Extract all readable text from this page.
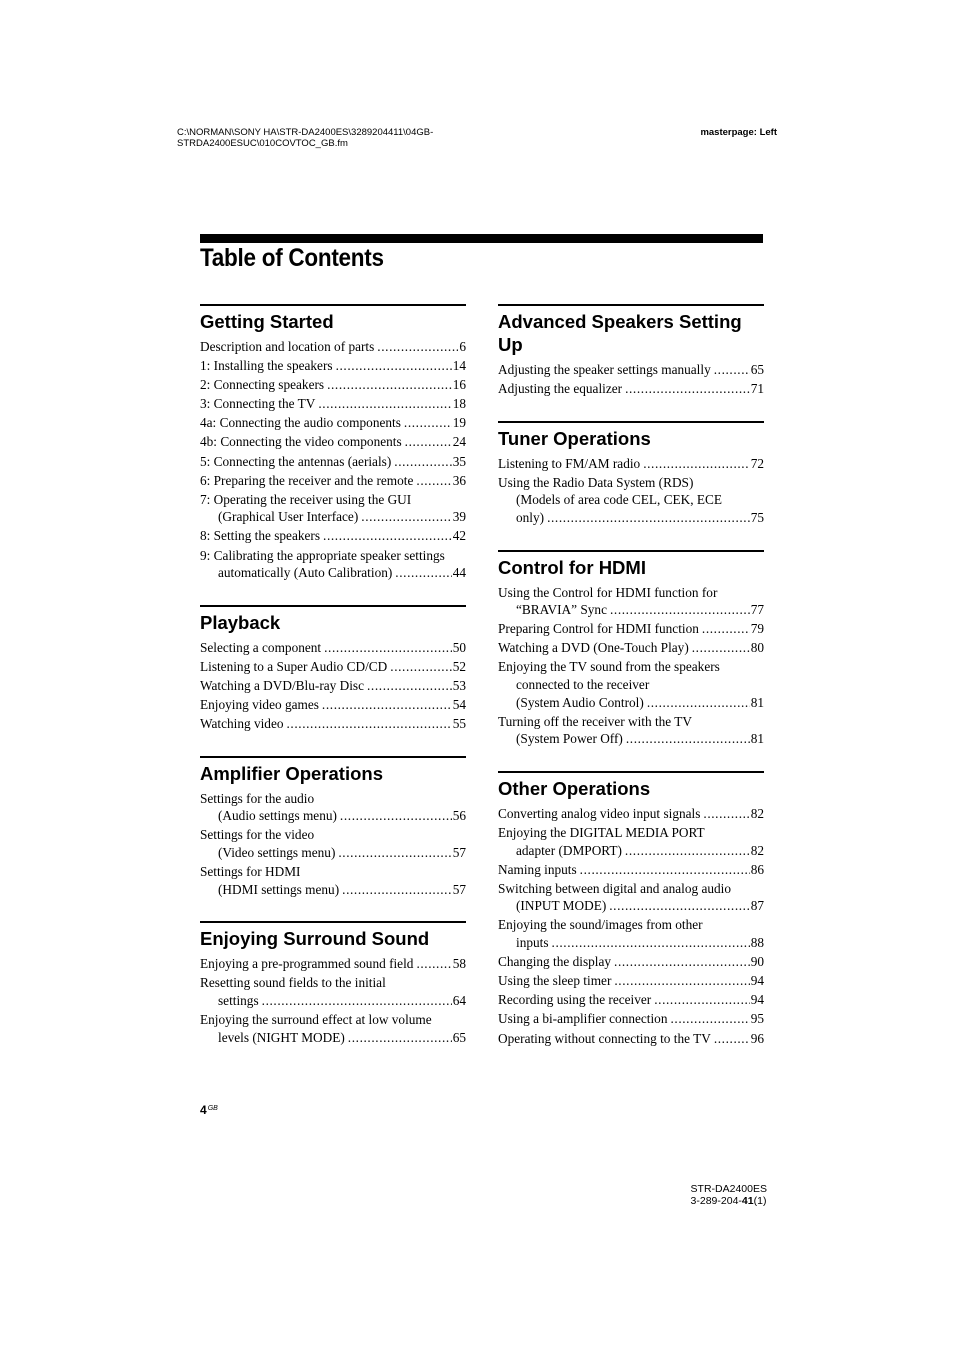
C:\NORMAN\SONY HA\STR-DA2400ES\3289204411\04GB-
STRDA2400ESUC\010COVTOC_GB.fm
masterpage: Left
Table of Contents
Getting Started
Description and location of parts .....	6
1: Installing the speakers .....	14
2: Connecting speakers .....	16
3: Connecting the TV .....	18
4a: Connecting the audio components .....	19
4b: Connecting the video components .....	24
5: Connecting the antennas (aerials) .....	35
6: Preparing the receiver and the remote .....	36
7: Operating the receiver using the GUI
(Graphical User Interface) .....	39
8: Setting the speakers .....	42
9: Calibrating the appropriate speaker settings
automatically (Auto Calibration) .....	44
Playback
Selecting a component .....	50
Listening to a Super Audio CD/CD .....	52
Watching a DVD/Blu-ray Disc .....	53
Enjoying video games .....	54
Watching video .....	55
Amplifier Operations
Settings for the audio
(Audio settings menu) .....	56
Settings for the video
(Video settings menu) .....	57
Settings for HDMI
(HDMI settings menu) .....	57
Enjoying Surround Sound
Enjoying a pre-programmed sound field .....	58
Resetting sound fields to the initial
settings .....	64
Enjoying the surround effect at low volume
levels (NIGHT MODE) .....	65
Advanced Speakers Setting Up
Adjusting the speaker settings manually .....	65
Adjusting the equalizer .....	71
Tuner Operations
Listening to FM/AM radio .....	72
Using the Radio Data System (RDS)
(Models of area code CEL, CEK, ECE
only) .....	75
Control for HDMI
Using the Control for HDMI function for
“BRAVIA” Sync .....	77
Preparing Control for HDMI function .....	79
Watching a DVD (One-Touch Play) .....	80
Enjoying the TV sound from the speakers
connected to the receiver
(System Audio Control) .....	81
Turning off the receiver with the TV
(System Power Off) .....	81
Other Operations
Converting analog video input signals .....	82
Enjoying the DIGITAL MEDIA PORT
adapter (DMPORT) .....	82
Naming inputs .....	86
Switching between digital and analog audio
(INPUT MODE) .....	87
Enjoying the sound/images from other
inputs .....	88
Changing the display .....	90
Using the sleep timer .....	94
Recording using the receiver .....	94
Using a bi-amplifier connection .....	95
Operating without connecting to the TV .....	96
$4^{GB}$
STR-DA2400ES
3-289-204-41(1)
